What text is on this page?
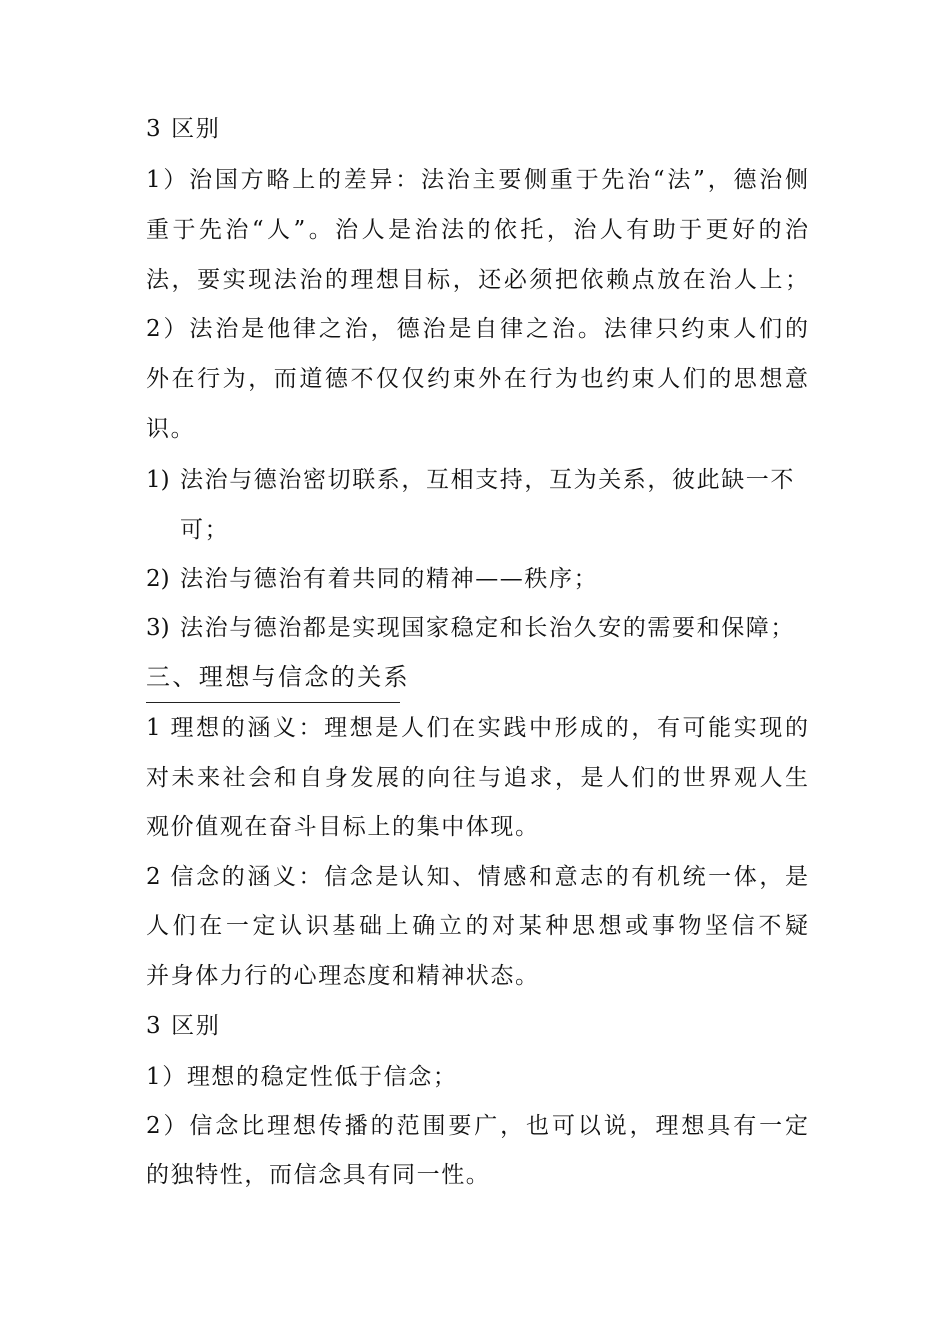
3 区别
1）治国方略上的差异：法治主要侧重于先治“法”，德治侧
重于先治“人”。治人是治法的依托，治人有助于更好的治
法，要实现法治的理想目标，还必须把依赖点放在治人上；
2）法治是他律之治，德治是自律之治。法律只约束人们的
外在行为，而道德不仅仅约束外在行为也约束人们的思想意
识。
1) 法治与德治密切联系，互相支持，互为关系，彼此缺一不
可；
2) 法治与德治有着共同的精神——秩序；
3) 法治与德治都是实现国家稳定和长治久安的需要和保障；
三、理想与信念的关系
1 理想的涵义：理想是人们在实践中形成的，有可能实现的
对未来社会和自身发展的向往与追求，是人们的世界观人生
观价值观在奋斗目标上的集中体现。
2 信念的涵义：信念是认知、情感和意志的有机统一体，是
人们在一定认识基础上确立的对某种思想或事物坚信不疑
并身体力行的心理态度和精神状态。
3 区别
1）理想的稳定性低于信念；
2）信念比理想传播的范围要广，也可以说，理想具有一定
的独特性，而信念具有同一性。
